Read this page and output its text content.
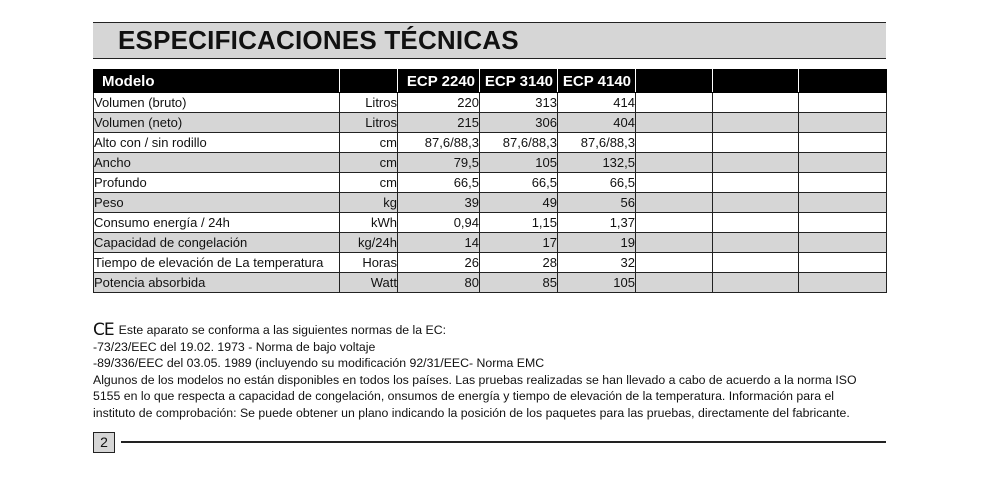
ESPECIFICACIONES TÉCNICAS
Modelo		ECP 2240	ECP 3140	ECP 4140			
Volumen (bruto)	Litros	220	313	414			
Volumen (neto)	Litros	215	306	404			
Alto con / sin rodillo	cm	87,6/88,3	87,6/88,3	87,6/88,3			
Ancho	cm	79,5	105	132,5			
Profundo	cm	66,5	66,5	66,5			
Peso	kg	39	49	56			
Consumo energía / 24h	kWh	0,94	1,15	1,37			
Capacidad de congelación	kg/24h	14	17	19			
Tiempo de elevación de La temperatura	Horas	26	28	32			
Potencia absorbida	Watt	80	85	105			

CE Este aparato se conforma a las siguientes normas de la EC:

-73/23/EEC del 19.02. 1973 - Norma de bajo voltaje

-89/336/EEC del 03.05. 1989 (incluyendo su modificación 92/31/EEC- Norma EMC

Algunos de los modelos no están disponibles en todos los países. Las pruebas realizadas se han llevado a cabo de acuerdo a la norma ISO

5155 en lo que respecta a capacidad de congelación, onsumos de energía y tiempo de elevación de la temperatura. Información para el

instituto de comprobación: Se puede obtener un plano indicando la posición de los paquetes para las pruebas, directamente del fabricante.

2
